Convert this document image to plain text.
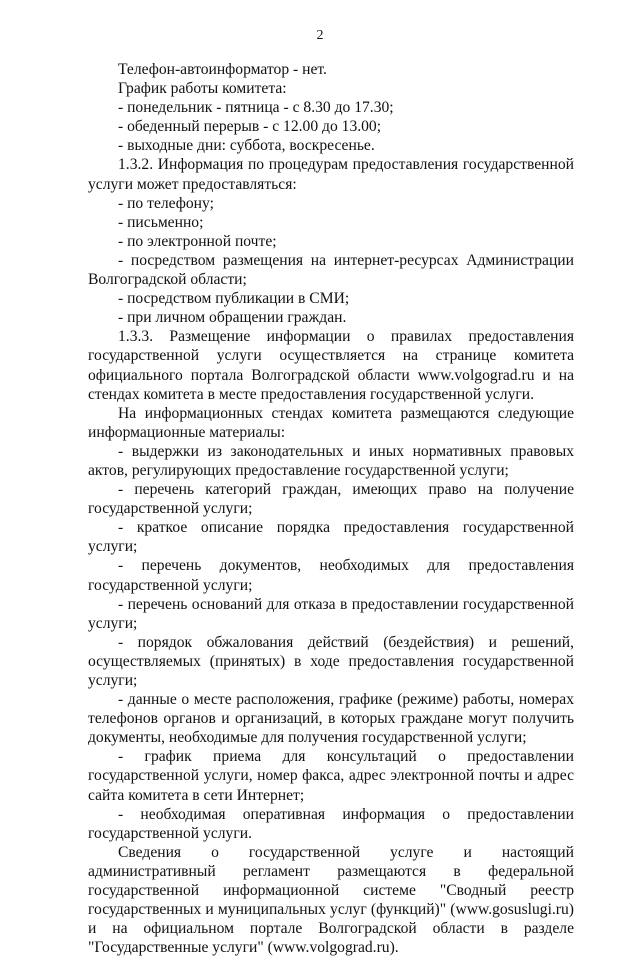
2

Телефон-автоинформатор - нет.

График работы комитета:

- понедельник - пятница - с 8.30 до 17.30;

- обеденный перерыв - с 12.00 до 13.00;

- выходные дни: суббота, воскресенье.

1.3.2. Информация по процедурам предоставления государственной услуги может предоставляться:

- по телефону;

- письменно;

- по электронной почте;

- посредством размещения на интернет-ресурсах Администрации Волгоградской области;

- посредством публикации в СМИ;

- при личном обращении граждан.

1.3.3. Размещение информации о правилах предоставления государственной услуги осуществляется на странице комитета официального портала Волгоградской области www.volgograd.ru и на стендах комитета в месте предоставления государственной услуги.

На информационных стендах комитета размещаются следующие информационные материалы:

- выдержки из законодательных и иных нормативных правовых актов, регулирующих предоставление государственной услуги;

- перечень категорий граждан, имеющих право на получение государственной услуги;

- краткое описание порядка предоставления государственной услуги;

- перечень документов, необходимых для предоставления государственной услуги;

- перечень оснований для отказа в предоставлении государственной услуги;

- порядок обжалования действий (бездействия) и решений, осуществляемых (принятых) в ходе предоставления государственной услуги;

- данные о месте расположения, графике (режиме) работы, номерах телефонов органов и организаций, в которых граждане могут получить документы, необходимые для получения государственной услуги;

- график приема для консультаций о предоставлении государственной услуги, номер факса, адрес электронной почты и адрес сайта комитета в сети Интернет;

- необходимая оперативная информация о предоставлении государственной услуги.

Сведения о государственной услуге и настоящий административный регламент размещаются в федеральной государственной информационной системе "Сводный реестр государственных и муниципальных услуг (функций)" (www.gosuslugi.ru) и на официальном портале Волгоградской области в разделе "Государственные услуги" (www.volgograd.ru).
